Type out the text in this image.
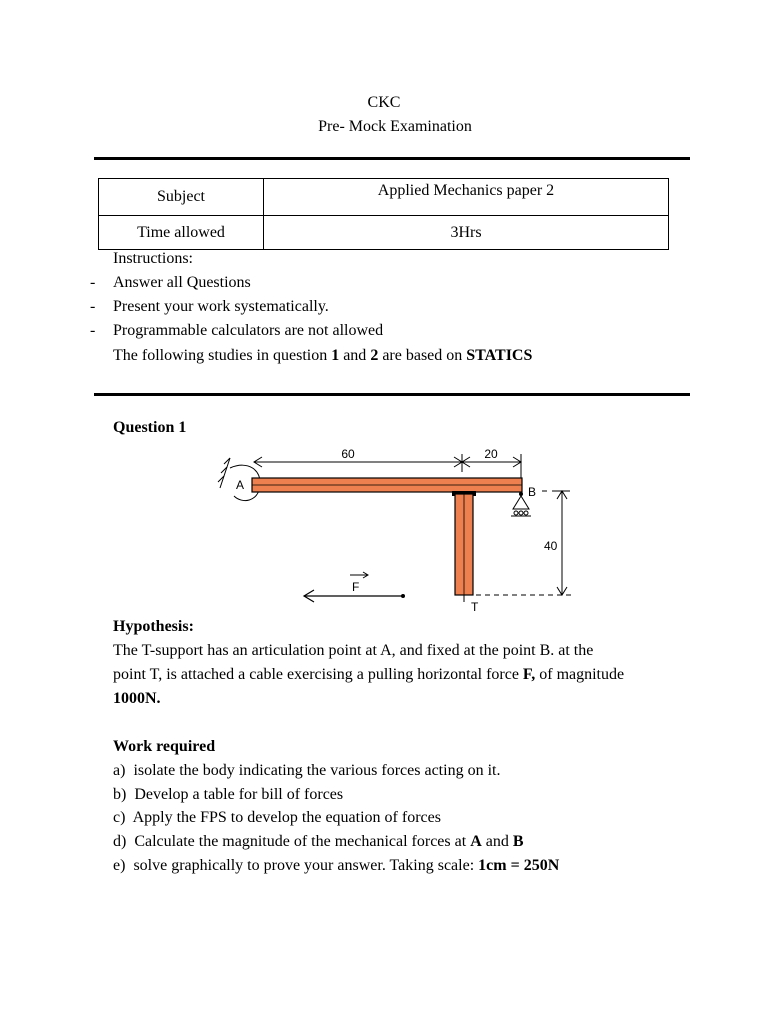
CKC
Pre- Mock Examination
Subject	Applied Mechanics paper 2
Time allowed	3Hrs
Instructions:
- Answer all Questions
- Present your work systematically.
- Programmable calculators are not allowed
The following studies in question 1 and 2 are based on STATICS
Question 1
60	20
A	B
40
T
F
Hypothesis:
The T-support has an articulation point at A, and fixed at the point B. at the
point T, is attached a cable exercising a pulling horizontal force F, of magnitude
1000N.
Work required
a) isolate the body indicating the various forces acting on it.
b) Develop a table for bill of forces
c) Apply the FPS to develop the equation of forces
d) Calculate the magnitude of the mechanical forces at A and B
e) solve graphically to prove your answer. Taking scale: 1cm = 250N
